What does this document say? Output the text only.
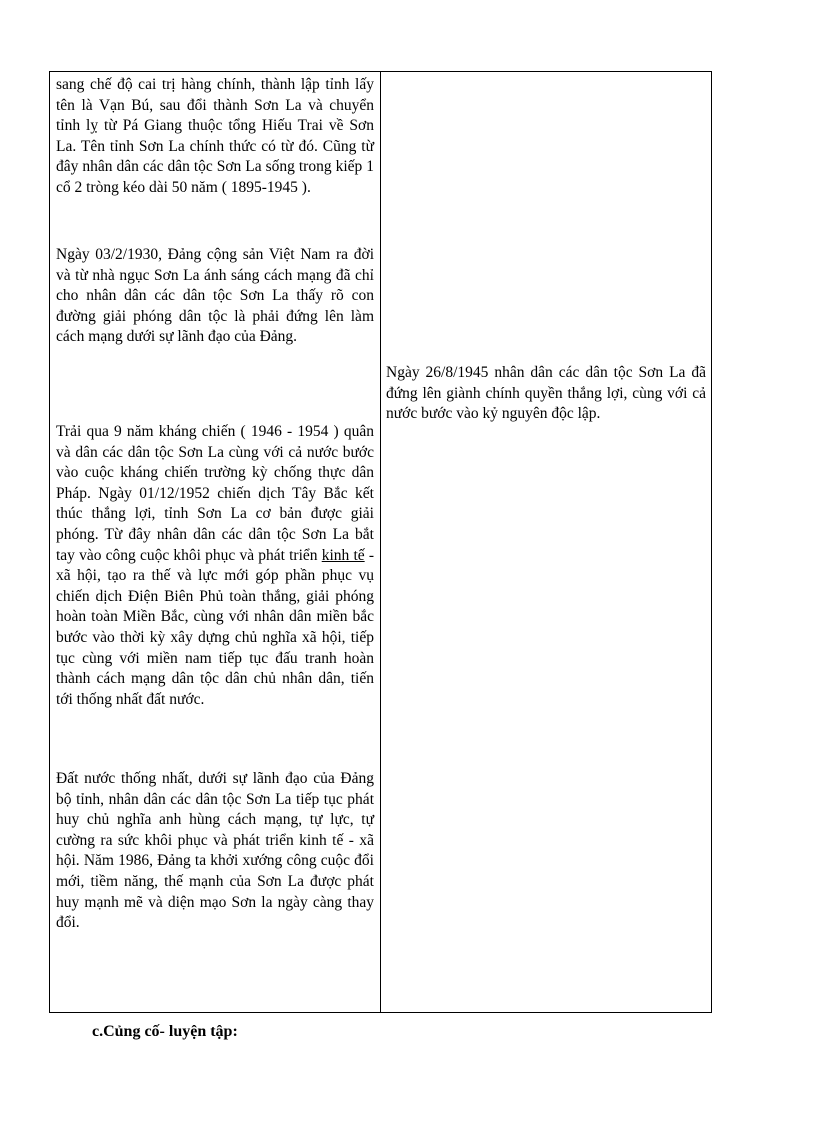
sang chế độ cai trị hàng chính, thành lập tỉnh lấy tên là Vạn Bú, sau đổi thành Sơn La và chuyển tỉnh lỵ từ Pá Giang thuộc tổng Hiếu Trai về Sơn La. Tên tỉnh Sơn La chính thức có từ đó. Cũng từ đây nhân dân các dân tộc Sơn La sống trong kiếp 1 cổ 2 tròng kéo dài 50 năm ( 1895-1945 ).

Ngày 03/2/1930, Đảng cộng sản Việt Nam ra đời và từ nhà ngục Sơn La ánh sáng cách mạng đã chỉ cho nhân dân các dân tộc Sơn La thấy rõ con đường giải phóng dân tộc là phải đứng lên làm cách mạng dưới sự lãnh đạo của Đảng.

Trải qua 9 năm kháng chiến ( 1946 - 1954 ) quân và dân các dân tộc Sơn La cùng với cả nước bước vào cuộc kháng chiến trường kỳ chống thực dân Pháp. Ngày 01/12/1952 chiến dịch Tây Bắc kết thúc thắng lợi, tỉnh Sơn La cơ bản được giải phóng. Từ đây nhân dân các dân tộc Sơn La bắt tay vào công cuộc khôi phục và phát triển kinh tế - xã hội, tạo ra thế và lực mới góp phần phục vụ chiến dịch Điện Biên Phủ toàn thắng, giải phóng hoàn toàn Miền Bắc, cùng với nhân dân miền bắc bước vào thời kỳ xây dựng chủ nghĩa xã hội, tiếp tục cùng với miền nam tiếp tục đấu tranh hoàn thành cách mạng dân tộc dân chủ nhân dân, tiến tới thống nhất đất nước.

Đất nước thống nhất, dưới sự lãnh đạo của Đảng bộ tỉnh, nhân dân các dân tộc Sơn La tiếp tục phát huy chủ nghĩa anh hùng cách mạng, tự lực, tự cường ra sức khôi phục và phát triển kinh tế - xã hội. Năm 1986, Đảng ta khởi xướng công cuộc đổi mới, tiềm năng, thế mạnh của Sơn La được phát huy mạnh mẽ và diện mạo Sơn la ngày càng thay đổi.

Ngày 26/8/1945 nhân dân các dân tộc Sơn La đã đứng lên giành chính quyền thắng lợi, cùng với cả nước bước vào kỷ nguyên độc lập.

c.Củng cố- luyện tập:
